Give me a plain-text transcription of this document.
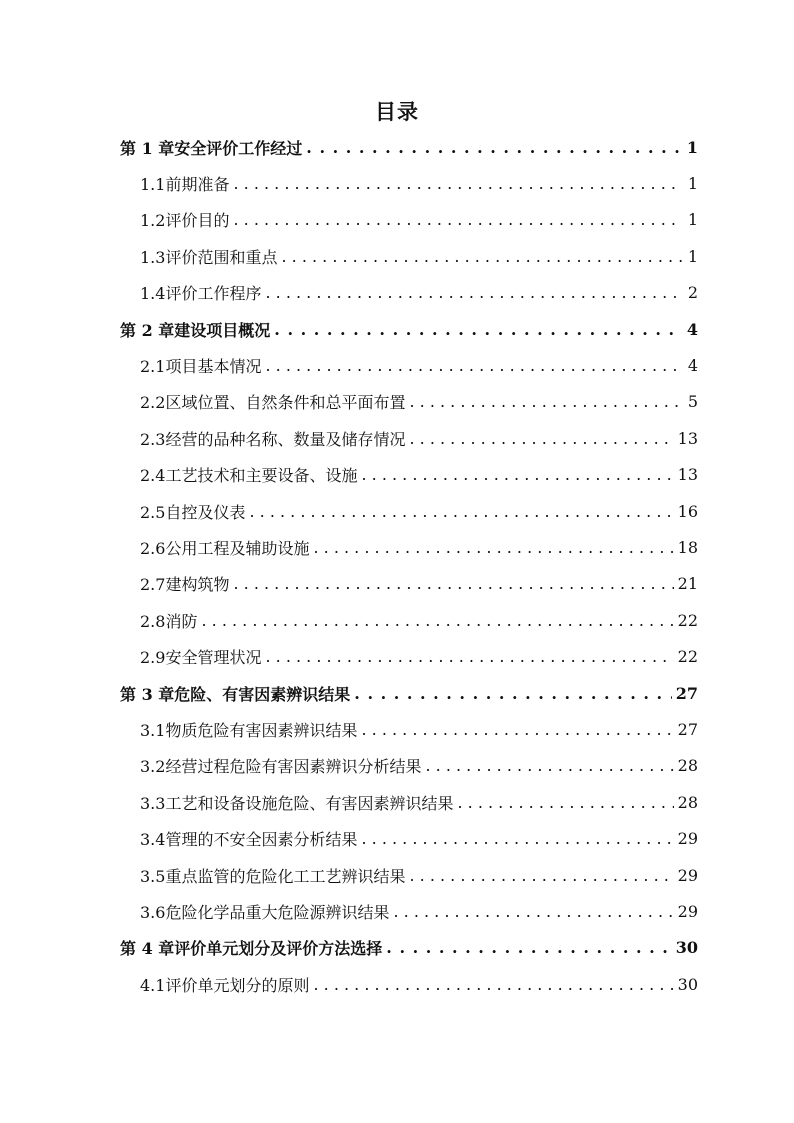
目录
第 1 章安全评价工作经过 . . .	1
1.1前期准备 . . .	1
1.2评价目的 . . .	1
1.3评价范围和重点 . . .	1
1.4评价工作程序 . . .	2
第 2 章建设项目概况 . . .	4
2.1项目基本情况 . . .	4
2.2区域位置、自然条件和总平面布置 . . .	5
2.3经营的品种名称、数量及储存情况 . . .	13
2.4工艺技术和主要设备、设施 . . .	13
2.5自控及仪表 . . .	16
2.6公用工程及辅助设施 . . .	18
2.7建构筑物 . . .	21
2.8消防 . . .	22
2.9安全管理状况 . . .	22
第 3 章危险、有害因素辨识结果 . . .	27
3.1物质危险有害因素辨识结果 . . .	27
3.2经营过程危险有害因素辨识分析结果 . . .	28
3.3工艺和设备设施危险、有害因素辨识结果 . . .	28
3.4管理的不安全因素分析结果 . . .	29
3.5重点监管的危险化工工艺辨识结果 . . .	29
3.6危险化学品重大危险源辨识结果 . . .	29
第 4 章评价单元划分及评价方法选择 . . .	30
4.1评价单元划分的原则 . . .	30
